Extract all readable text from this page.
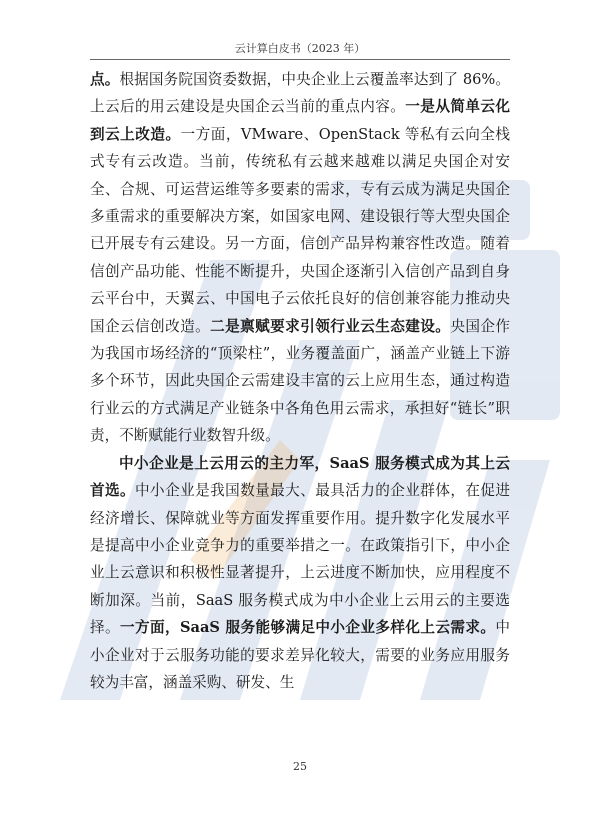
云计算白皮书（2023 年）

点。根据国务院国资委数据，中央企业上云覆盖率达到了 86%。上云后的用云建设是央国企云当前的重点内容。一是从简单云化到云上改造。一方面，VMware、OpenStack 等私有云向全栈式专有云改造。当前，传统私有云越来越难以满足央国企对安全、合规、可运营运维等多要素的需求，专有云成为满足央国企多重需求的重要解决方案，如国家电网、建设银行等大型央国企已开展专有云建设。另一方面，信创产品异构兼容性改造。随着信创产品功能、性能不断提升，央国企逐渐引入信创产品到自身云平台中，天翼云、中国电子云依托良好的信创兼容能力推动央国企云信创改造。二是禀赋要求引领行业云生态建设。央国企作为我国市场经济的“顶梁柱”，业务覆盖面广，涵盖产业链上下游多个环节，因此央国企云需建设丰富的云上应用生态，通过构造行业云的方式满足产业链条中各角色用云需求，承担好“链长”职责，不断赋能行业数智升级。

中小企业是上云用云的主力军，SaaS 服务模式成为其上云首选。中小企业是我国数量最大、最具活力的企业群体，在促进经济增长、保障就业等方面发挥重要作用。提升数字化发展水平是提高中小企业竞争力的重要举措之一。在政策指引下，中小企业上云意识和积极性显著提升，上云进度不断加快，应用程度不断加深。当前，SaaS 服务模式成为中小企业上云用云的主要选择。一方面，SaaS 服务能够满足中小企业多样化上云需求。中小企业对于云服务功能的要求差异化较大，需要的业务应用服务较为丰富，涵盖采购、研发、生

25
